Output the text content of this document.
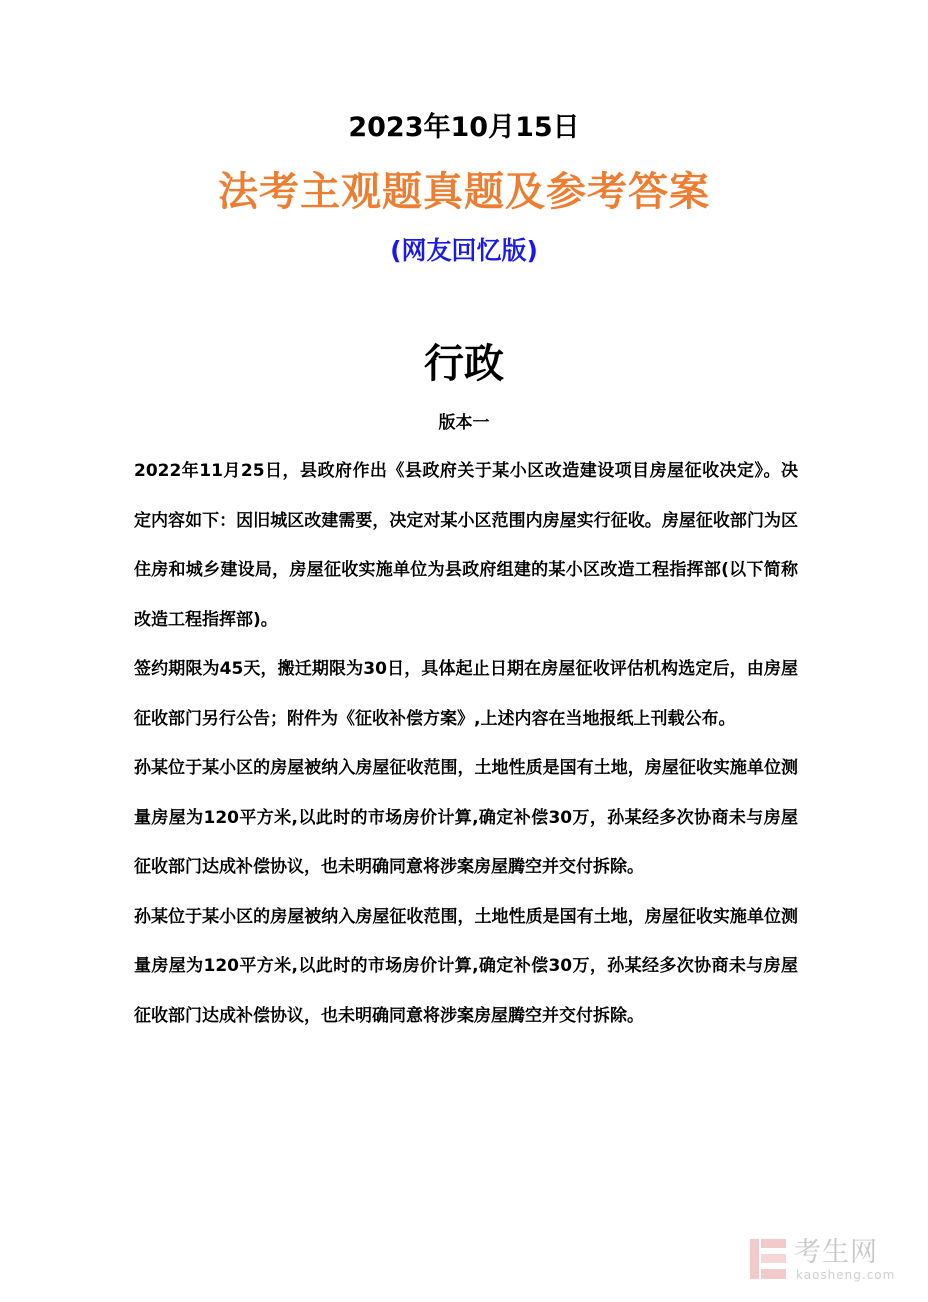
2023年10月15日
法考主观题真题及参考答案
(网友回忆版)
行政
版本一

2022年11月25日，县政府作出《县政府关于某小区改造建设项目房屋征收决定》。决定内容如下：因旧城区改建需要，决定对某小区范围内房屋实行征收。房屋征收部门为区住房和城乡建设局，房屋征收实施单位为县政府组建的某小区改造工程指挥部(以下简称改造工程指挥部)。

签约期限为45天，搬迁期限为30日，具体起止日期在房屋征收评估机构选定后，由房屋征收部门另行公告；附件为《征收补偿方案》,上述内容在当地报纸上刊载公布。

孙某位于某小区的房屋被纳入房屋征收范围，土地性质是国有土地，房屋征收实施单位测量房屋为120平方米,以此时的市场房价计算,确定补偿30万，孙某经多次协商未与房屋征收部门达成补偿协议，也未明确同意将涉案房屋腾空并交付拆除。

孙某位于某小区的房屋被纳入房屋征收范围，土地性质是国有土地，房屋征收实施单位测量房屋为120平方米,以此时的市场房价计算,确定补偿30万，孙某经多次协商未与房屋征收部门达成补偿协议，也未明确同意将涉案房屋腾空并交付拆除。

考生网
kaosheng.com
